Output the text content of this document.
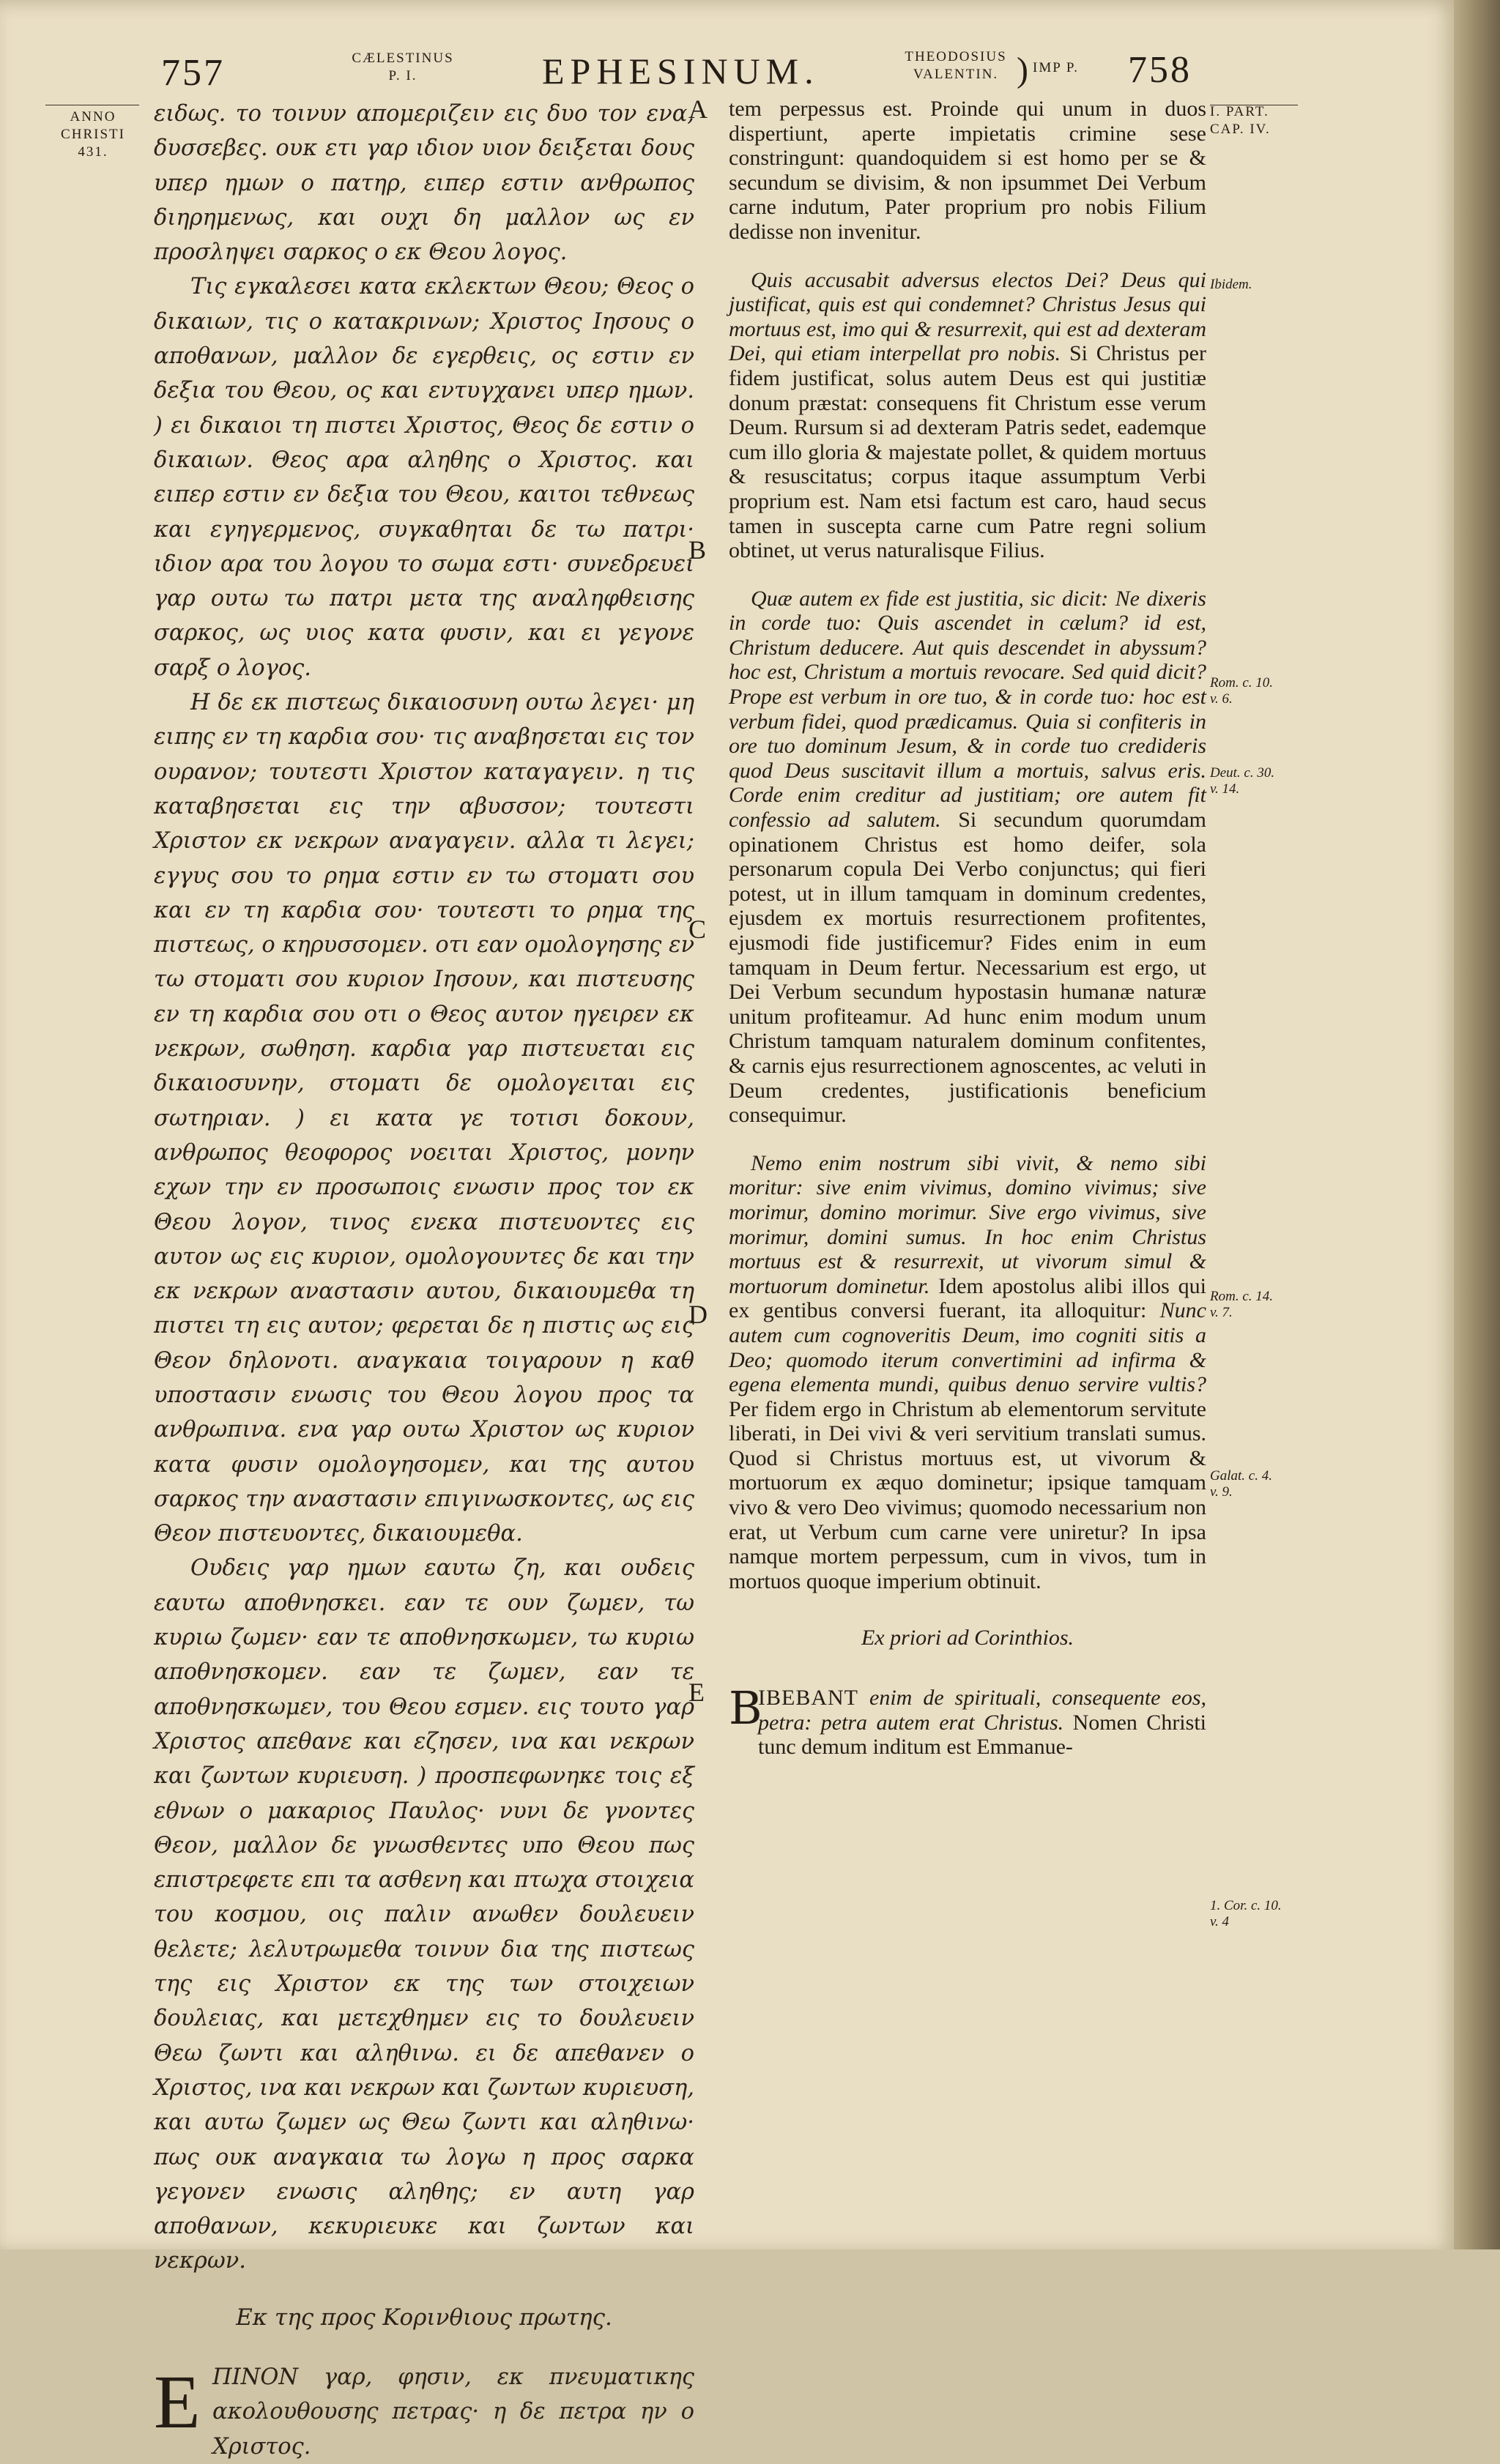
757	CÆLESTINUS
P. I.	EPHESINUM.	THEODOSIUS
VALENTIN. ) IMP P. 758
ANNO
CHRISTI
431.

ειδως. το τοινυν απομεριζειν εις δυο τον ενα, δυσσεβες. ουκ ετι γαρ ιδιον υιον δειξεται δους υπερ ημων ο πατηρ, ειπερ εστιν ανθρωπος διηρημενως, και ουχι δη μαλλον ως εν προσληψει σαρκος ο εκ Θεου λογος.

Τις εγκαλεσει κατα εκλεκτων Θεου; Θεος ο δικαιων, τις ο κατακρινων; Χριστος Ιησους ο αποθανων, μαλλον δε εγερθεις, ος εστιν εν δεξια του Θεου, ος και εντυγχανει υπερ ημων. ) ει δικαιοι τη πιστει Χριστος, Θεος δε εστιν ο δικαιων. Θεος αρα αληθης ο Χριστος. και ειπερ εστιν εν δεξια του Θεου, καιτοι τεθνεως και εγηγερμενος, συγκαθηται δε τω πατρι· ιδιον αρα του λογου το σωμα εστι· συνεδρευει γαρ ουτω τω πατρι μετα της αναληφθεισης σαρκος, ως υιος κατα φυσιν, και ει γεγονε σαρξ ο λογος.

Η δε εκ πιστεως δικαιοσυνη ουτω λεγει· μη ειπης εν τη καρδια σου· τις αναβησεται εις τον ουρανον; τουτεστι Χριστον καταγαγειν. η τις καταβησεται εις την αβυσσον; τουτεστι Χριστον εκ νεκρων αναγαγειν. αλλα τι λεγει; εγγυς σου το ρημα εστιν εν τω στοματι σου και εν τη καρδια σου· τουτεστι το ρημα της πιστεως, ο κηρυσσομεν. οτι εαν ομολογησης εν τω στοματι σου κυριον Ιησουν, και πιστευσης εν τη καρδια σου οτι ο Θεος αυτον ηγειρεν εκ νεκρων, σωθηση. καρδια γαρ πιστευεται εις δικαιοσυνην, στοματι δε ομολογειται εις σωτηριαν. ) ει κατα γε τοτισι δοκουν, ανθρωπος θεοφορος νοειται Χριστος, μονην εχων την εν προσωποις ενωσιν προς τον εκ Θεου λογον, τινος ενεκα πιστευοντες εις αυτον ως εις κυριον, ομολογουντες δε και την εκ νεκρων αναστασιν αυτου, δικαιουμεθα τη πιστει τη εις αυτον; φερεται δε η πιστις ως εις Θεον δηλονοτι. αναγκαια τοιγαρουν η καθ υποστασιν ενωσις του Θεου λογου προς τα ανθρωπινα. ενα γαρ ουτω Χριστον ως κυριον κατα φυσιν ομολογησομεν, και της αυτου σαρκος την αναστασιν επιγινωσκοντες, ως εις Θεον πιστευοντες, δικαιουμεθα.

Ουδεις γαρ ημων εαυτω ζη, και ουδεις εαυτω αποθνησκει. εαν τε ουν ζωμεν, τω κυριω ζωμεν· εαν τε αποθνησκωμεν, τω κυριω αποθνησκομεν. εαν τε ζωμεν, εαν τε αποθνησκωμεν, του Θεου εσμεν. εις τουτο γαρ Χριστος απεθανε και εζησεν, ινα και νεκρων και ζωντων κυριευση. ) προσπεφωνηκε τοις εξ εθνων ο μακαριος Παυλος· νυνι δε γνοντες Θεον, μαλλον δε γνωσθεντες υπο Θεου πως επιστρεφετε επι τα ασθενη και πτωχα στοιχεια του κοσμου, οις παλιν ανωθεν δουλευειν θελετε; λελυτρωμεθα τοινυν δια της πιστεως της εις Χριστον εκ της των στοιχειων δουλειας, και μετεχθημεν εις το δουλευειν Θεω ζωντι και αληθινω. ει δε απεθανεν ο Χριστος, ινα και νεκρων και ζωντων κυριευση, και αυτω ζωμεν ως Θεω ζωντι και αληθινω· πως ουκ αναγκαια τω λογω η προς σαρκα γεγονεν ενωσις αληθης; εν αυτη γαρ αποθανων, κεκυριευκε και ζωντων και νεκρων.

Εκ της προς Κορινθιους πρωτης.

Ε ΠΙΝΟΝ γαρ, φησιν, εκ πνευματικης ακολουθουσης πετρας· η δε πετρα ην ο Χριστος.

A
B
C
D
E

tem perpessus est. Proinde qui unum in duos dispertiunt, aperte impietatis crimine sese constringunt: quandoquidem si est homo per se & secundum se divisim, & non ipsummet Dei Verbum carne indutum, Pater proprium pro nobis Filium dedisse non invenitur.

Quis accusabit adversus electos Dei? Deus qui justificat, quis est qui condemnet? Christus Jesus qui mortuus est, imo qui & resurrexit, qui est ad dexteram Dei, qui etiam interpellat pro nobis. Si Christus per fidem justificat, solus autem Deus est qui justitiæ donum præstat: consequens fit Christum esse verum Deum. Rursum si ad dexteram Patris sedet, eademque cum illo gloria & majestate pollet, & quidem mortuus & resuscitatus; corpus itaque assumptum Verbi proprium est. Nam etsi factum est caro, haud secus tamen in suscepta carne cum Patre regni solium obtinet, ut verus naturalisque Filius.

Quæ autem ex fide est justitia, sic dicit: Ne dixeris in corde tuo: Quis ascendet in cælum? id est, Christum deducere. Aut quis descendet in abyssum? hoc est, Christum a mortuis revocare. Sed quid dicit? Prope est verbum in ore tuo, & in corde tuo: hoc est verbum fidei, quod prædicamus. Quia si confiteris in ore tuo dominum Jesum, & in corde tuo credideris quod Deus suscitavit illum a mortuis, salvus eris. Corde enim creditur ad justitiam; ore autem fit confessio ad salutem. Si secundum quorumdam opinationem Christus est homo deifer, sola personarum copula Dei Verbo conjunctus; qui fieri potest, ut in illum tamquam in dominum credentes, ejusdem ex mortuis resurrectionem profitentes, ejusmodi fide justificemur? Fides enim in eum tamquam in Deum fertur. Necessarium est ergo, ut Dei Verbum secundum hypostasin humanæ naturæ unitum profiteamur. Ad hunc enim modum unum Christum tamquam naturalem dominum confitentes, & carnis ejus resurrectionem agnoscentes, ac veluti in Deum credentes, justificationis beneficium consequimur.

Nemo enim nostrum sibi vivit, & nemo sibi moritur: sive enim vivimus, domino vivimus; sive morimur, domino morimur. Sive ergo vivimus, sive morimur, domini sumus. In hoc enim Christus mortuus est & resurrexit, ut vivorum simul & mortuorum dominetur. Idem apostolus alibi illos qui ex gentibus conversi fuerant, ita alloquitur: Nunc autem cum cognoveritis Deum, imo cogniti sitis a Deo; quomodo iterum convertimini ad infirma & egena elementa mundi, quibus denuo servire vultis? Per fidem ergo in Christum ab elementorum servitute liberati, in Dei vivi & veri servitium translati sumus. Quod si Christus mortuus est, ut vivorum & mortuorum ex æquo dominetur; ipsique tamquam vivo & vero Deo vivimus; quomodo necessarium non erat, ut Verbum cum carne vere uniretur? In ipsa namque mortem perpessum, cum in vivos, tum in mortuos quoque imperium obtinuit.

Ex priori ad Corinthios.

B

IBEBANT enim de spirituali, consequente eos, petra: petra autem erat Christus. Nomen Christi tunc demum inditum est Emmanue-

I. PART.
CAP. IV.
Ibidem.
Rom. c. 10.
v. 6.
Deut. c. 30.
v. 14.
Rom. c. 14.
v. 7.
Galat. c. 4.
v. 9.
1. Cor. c. 10.
v. 4
